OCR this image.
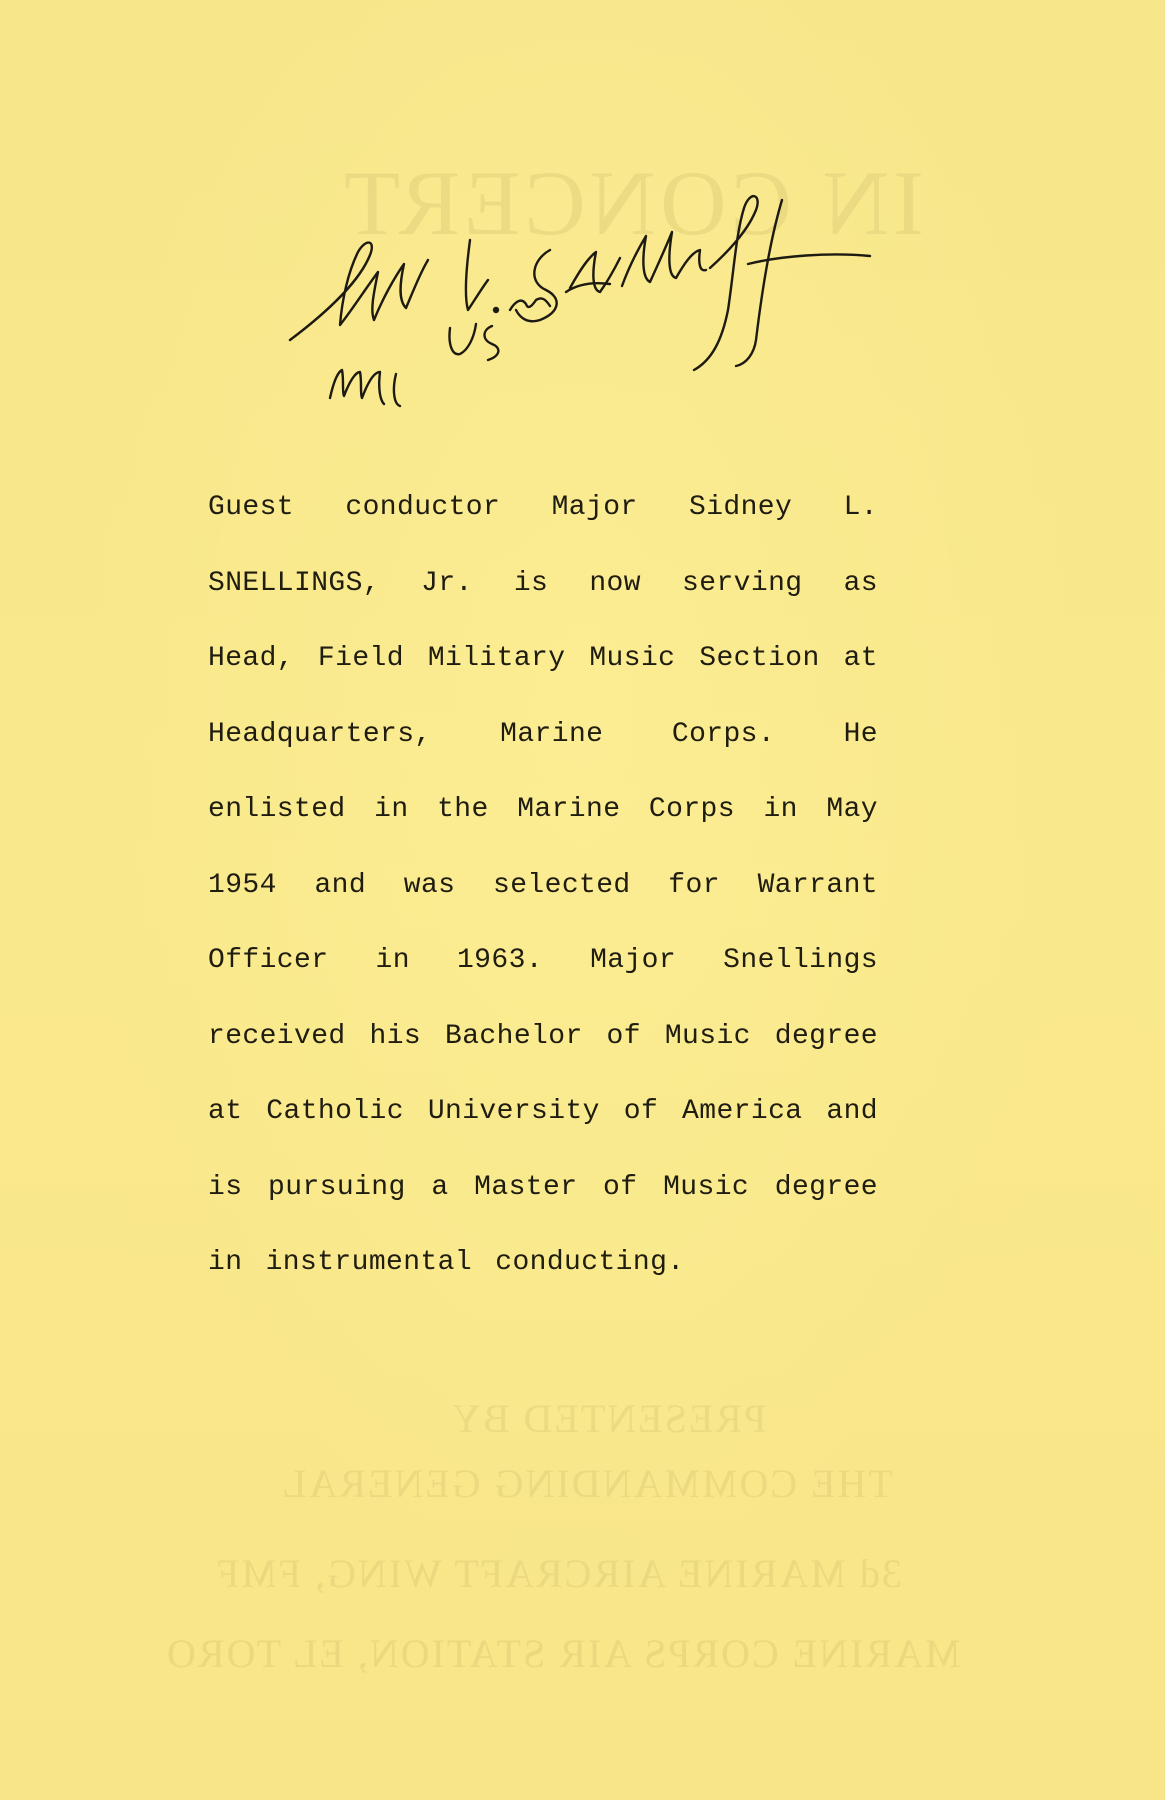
IN CONCERT
PRESENTED BY
THE COMMANDING GENERAL
3d MARINE AIRCRAFT WING, FMF
MARINE CORPS AIR STATION, EL TORO

Guest conductor Major Sidney L. SNELLINGS, Jr. is now serving as Head, Field Military Music Section at Headquarters, Marine Corps. He enlisted in the Marine Corps in May 1954 and was selected for Warrant Officer in 1963. Major Snellings received his Bachelor of Music degree at Catholic University of America and is pursuing a Master of Music degree in instrumental conducting.
